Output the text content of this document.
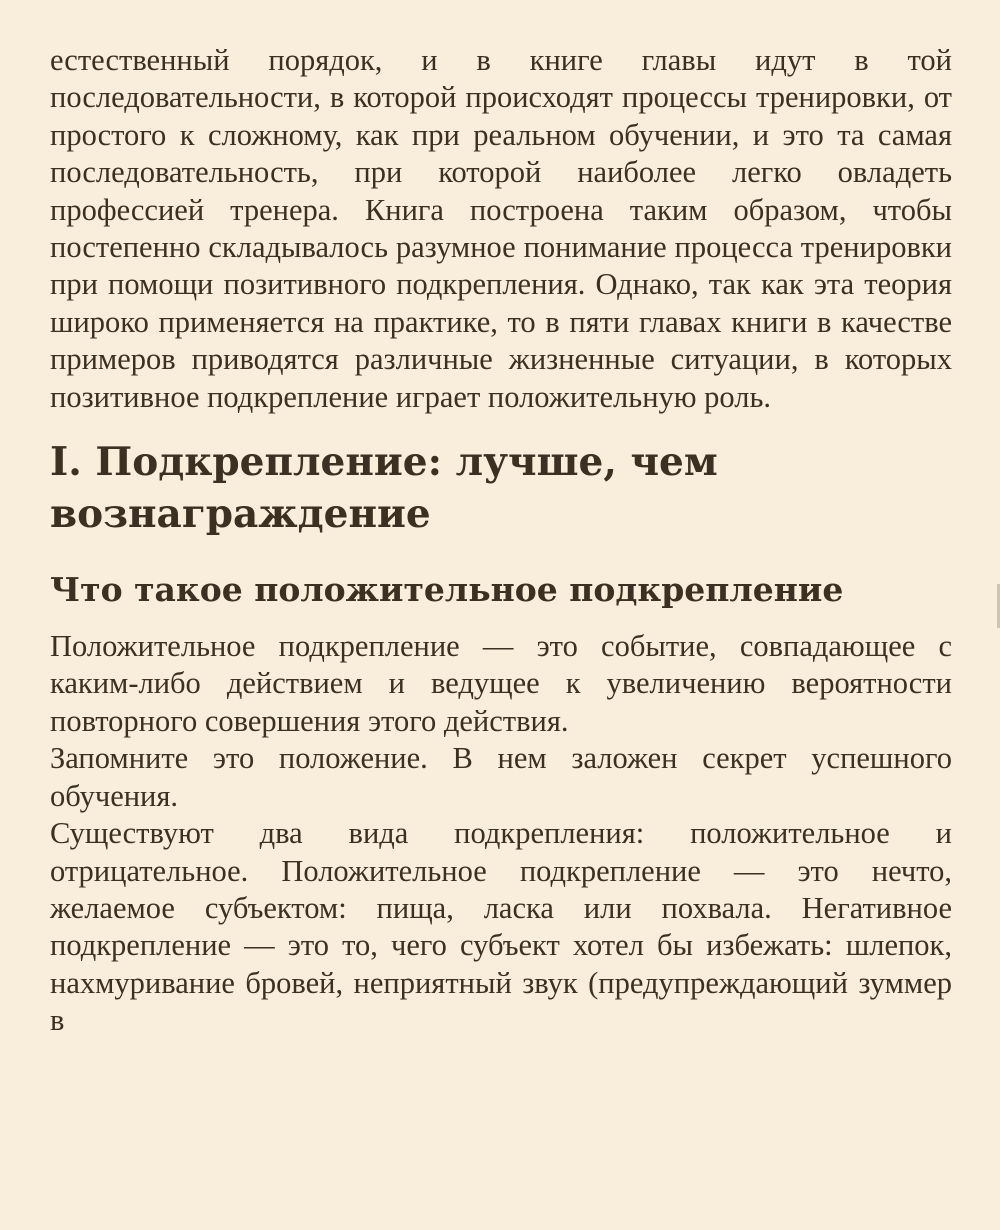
естественный порядок, и в книге главы идут в той последовательности, в которой происходят процессы тренировки, от простого к сложному, как при реальном обучении, и это та самая последовательность, при которой наиболее легко овладеть профессией тренера. Книга построена таким образом, чтобы постепенно складывалось разумное понимание процесса тренировки при помощи позитивного подкрепления. Однако, так как эта теория широко применяется на практике, то в пяти главах книги в качестве примеров приводятся различные жизненные ситуации, в которых позитивное подкрепление играет положительную роль.

I. Подкрепление: лучше, чем вознаграждение
Что такое положительное подкрепление

Положительное подкрепление — это событие, совпадающее с каким-либо действием и ведущее к увеличению вероятности повторного совершения этого действия.

Запомните это положение. В нем заложен секрет успешного обучения.

Существуют два вида подкрепления: положительное и отрицательное. Положительное подкрепление — это нечто, желаемое субъектом: пища, ласка или похвала. Негативное подкрепление — это то, чего субъект хотел бы избежать: шлепок, нахмуривание бровей, неприятный звук (предупреждающий зуммер в
